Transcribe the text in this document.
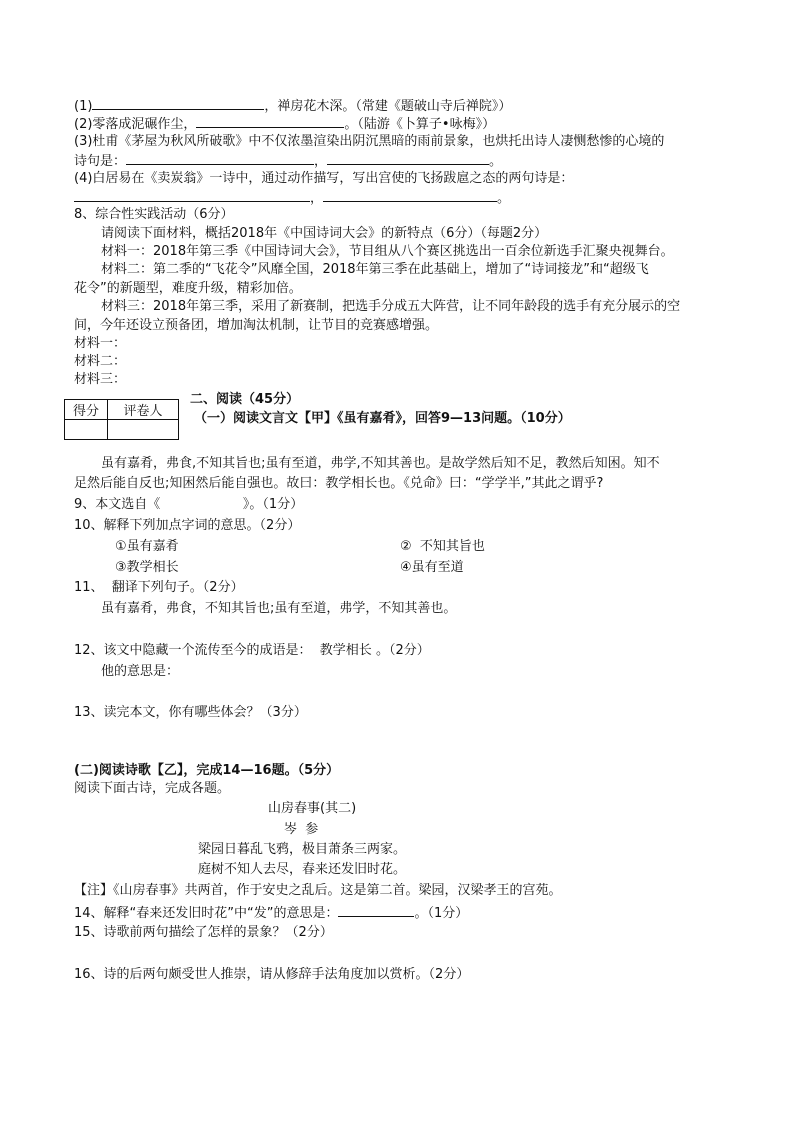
(1)	，禅房花木深。（常建《题破山寺后禅院》）
(2)零落成泥碾作尘，	。（陆游《卜算子•咏梅》）
(3)杜甫《茅屋为秋风所破歌》中不仅浓墨渲染出阴沉黑暗的雨前景象，也烘托出诗人凄恻愁惨的心境的
诗句是：	，	。
(4)白居易在《卖炭翁》一诗中，通过动作描写，写出宫使的飞扬跋扈之态的两句诗是：
，	。
8、综合性实践活动（6分）
请阅读下面材料，概括2018年《中国诗词大会》的新特点（6分）（每题2分）
材料一：2018年第三季《中国诗词大会》，节目组从八个赛区挑选出一百余位新选手汇聚央视舞台。
材料二：第二季的“飞花令”风靡全国，2018年第三季在此基础上，增加了“诗词接龙”和“超级飞
花令”的新题型，难度升级，精彩加倍。
材料三：2018年第三季，采用了新赛制，把选手分成五大阵营，让不同年龄段的选手有充分展示的空
间，今年还设立预备团，增加淘汰机制，让节目的竞赛感增强。
材料一：
材料二：
材料三：
得分	评卷人

二、阅读（45分）
（一）阅读文言文【甲】《虽有嘉肴》，回答9—13问题。（10分）
虽有嘉肴，弗食,不知其旨也;虽有至道，弗学,不知其善也。是故学然后知不足，教然后知困。知不
足然后能自反也;知困然后能自强也。故曰：教学相长也。《兑命》曰：“学学半,”其此之谓乎?
9、本文选自《                    》。（1分）
10、解释下列加点字词的意思。（2分）
①虽有嘉肴	②  不知其旨也
③教学相长	④虽有至道
11、  翻译下列句子。（2分）
虽有嘉肴，弗食，不知其旨也;虽有至道，弗学，不知其善也。
12、该文中隐藏一个流传至今的成语是：  教学相长 。（2分）
他的意思是：
13、读完本文，你有哪些体会？（3分）
(二)阅读诗歌【乙】，完成14—16题。（5分）
阅读下面古诗，完成各题。
山房春事(其二)
岑  参
梁园日暮乱飞鸦，极目萧条三两家。
庭树不知人去尽，春来还发旧时花。
【注】《山房春事》共两首，作于安史之乱后。这是第二首。梁园，汉梁孝王的宫苑。
14、解释“春来还发旧时花”中“发”的意思是：	。（1分）
15、诗歌前两句描绘了怎样的景象？（2分）
16、诗的后两句颇受世人推崇，请从修辞手法角度加以赏析。（2分）
